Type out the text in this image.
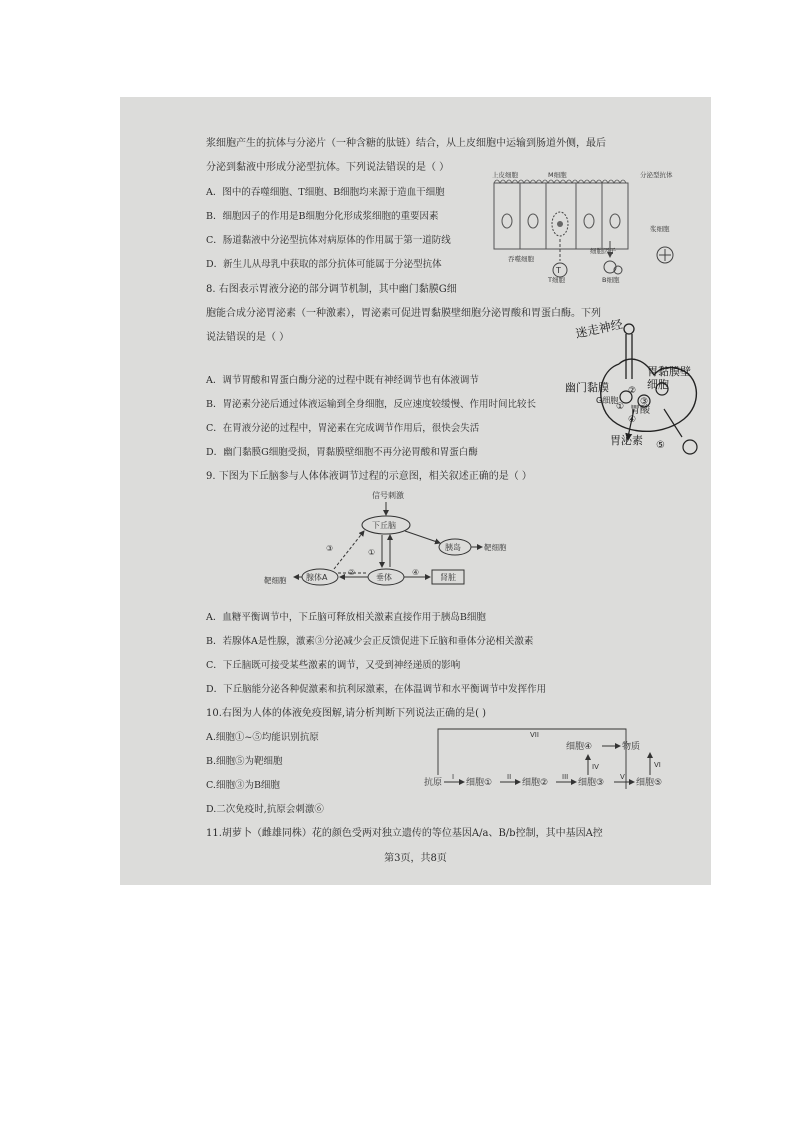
浆细胞产生的抗体与分泌片（一种含糖的肽链）结合，从上皮细胞中运输到肠道外侧，最后
分泌到黏液中形成分泌型抗体。下列说法错误的是（ ）
A．图中的吞噬细胞、T细胞、B细胞均来源于造血干细胞
B．细胞因子的作用是B细胞分化形成浆细胞的重要因素
C．肠道黏液中分泌型抗体对病原体的作用属于第一道防线
D．新生儿从母乳中获取的部分抗体可能属于分泌型抗体
T
上皮细胞	M细胞	分泌型抗体
吞噬细胞
T细胞
细胞因子
B细胞
浆细胞
8. 右图表示胃液分泌的部分调节机制，其中幽门黏膜G细
胞能合成分泌胃泌素（一种激素），胃泌素可促进胃黏膜壁细胞分泌胃酸和胃蛋白酶。下列
说法错误的是（ ）
A．调节胃酸和胃蛋白酶分泌的过程中既有神经调节也有体液调节
B．胃泌素分泌后通过体液运输到全身细胞，反应速度较缓慢、作用时间比较长
C．在胃液分泌的过程中，胃泌素在完成调节作用后，很快会失活
D．幽门黏膜G细胞受损，胃黏膜壁细胞不再分泌胃酸和胃蛋白酶
迷走神经
幽门黏膜
胃黏膜壁细胞
胃酸
G细胞
胃泌素 ⑤
①
②
③
④
9. 下图为下丘脑参与人体体液调节过程的示意图，相关叙述正确的是（ ）
信号刺激
下丘脑
胰岛	靶细胞
①
垂体
腺体A
②
③
④
肾脏
靶细胞
A．血糖平衡调节中，下丘脑可释放相关激素直接作用于胰岛B细胞
B．若腺体A是性腺，激素③分泌减少会正反馈促进下丘脑和垂体分泌相关激素
C．下丘脑既可接受某些激素的调节，又受到神经递质的影响
D．下丘脑能分泌各种促激素和抗利尿激素，在体温调节和水平衡调节中发挥作用
10.右图为人体的体液免疫图解,请分析判断下列说法正确的是( )
A.细胞①~⑤均能识别抗原
B.细胞⑤为靶细胞
C.细胞③为B细胞
D.二次免疫时,抗原会刺激⑥
VII
抗原
I
细胞①
II
细胞②
III
细胞③
V
细胞⑤
细胞④
IV
物质
VI
11.胡萝卜（雌雄同株）花的颜色受两对独立遗传的等位基因A/a、B/b控制，其中基因A控
第3页，共8页
